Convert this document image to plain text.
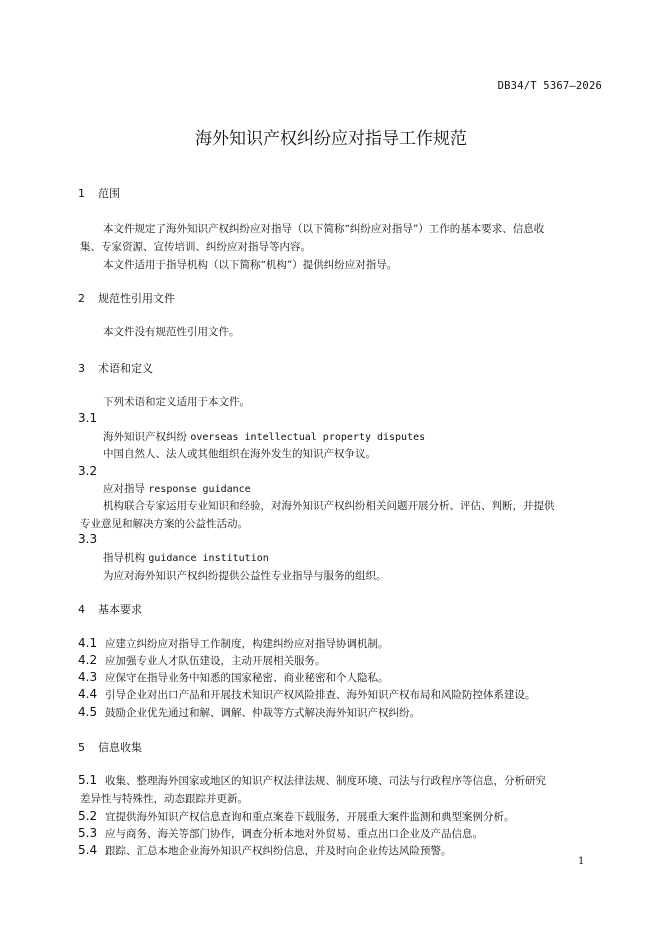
DB34/T 5367—2026
海外知识产权纠纷应对指导工作规范
1 范围
本文件规定了海外知识产权纠纷应对指导（以下简称“纠纷应对指导”）工作的基本要求、信息收
集、专家资源、宣传培训、纠纷应对指导等内容。
本文件适用于指导机构（以下简称“机构”）提供纠纷应对指导。
2 规范性引用文件
本文件没有规范性引用文件。
3 术语和定义
下列术语和定义适用于本文件。
3.1
海外知识产权纠纷 overseas intellectual property disputes
中国自然人、法人或其他组织在海外发生的知识产权争议。
3.2
应对指导 response guidance
机构联合专家运用专业知识和经验，对海外知识产权纠纷相关问题开展分析、评估、判断，并提供
专业意见和解决方案的公益性活动。
3.3
指导机构 guidance institution
为应对海外知识产权纠纷提供公益性专业指导与服务的组织。
4 基本要求
4.1 应建立纠纷应对指导工作制度，构建纠纷应对指导协调机制。
4.2 应加强专业人才队伍建设，主动开展相关服务。
4.3 应保守在指导业务中知悉的国家秘密、商业秘密和个人隐私。
4.4 引导企业对出口产品和开展技术知识产权风险排查、海外知识产权布局和风险防控体系建设。
4.5 鼓励企业优先通过和解、调解、仲裁等方式解决海外知识产权纠纷。
5 信息收集
5.1 收集、整理海外国家或地区的知识产权法律法规、制度环境、司法与行政程序等信息，分析研究
差异性与特殊性，动态跟踪并更新。
5.2 宜提供海外知识产权信息查询和重点案卷下载服务，开展重大案件监测和典型案例分析。
5.3 应与商务、海关等部门协作，调查分析本地对外贸易、重点出口企业及产品信息。
5.4 跟踪、汇总本地企业海外知识产权纠纷信息，并及时向企业传达风险预警。
1
